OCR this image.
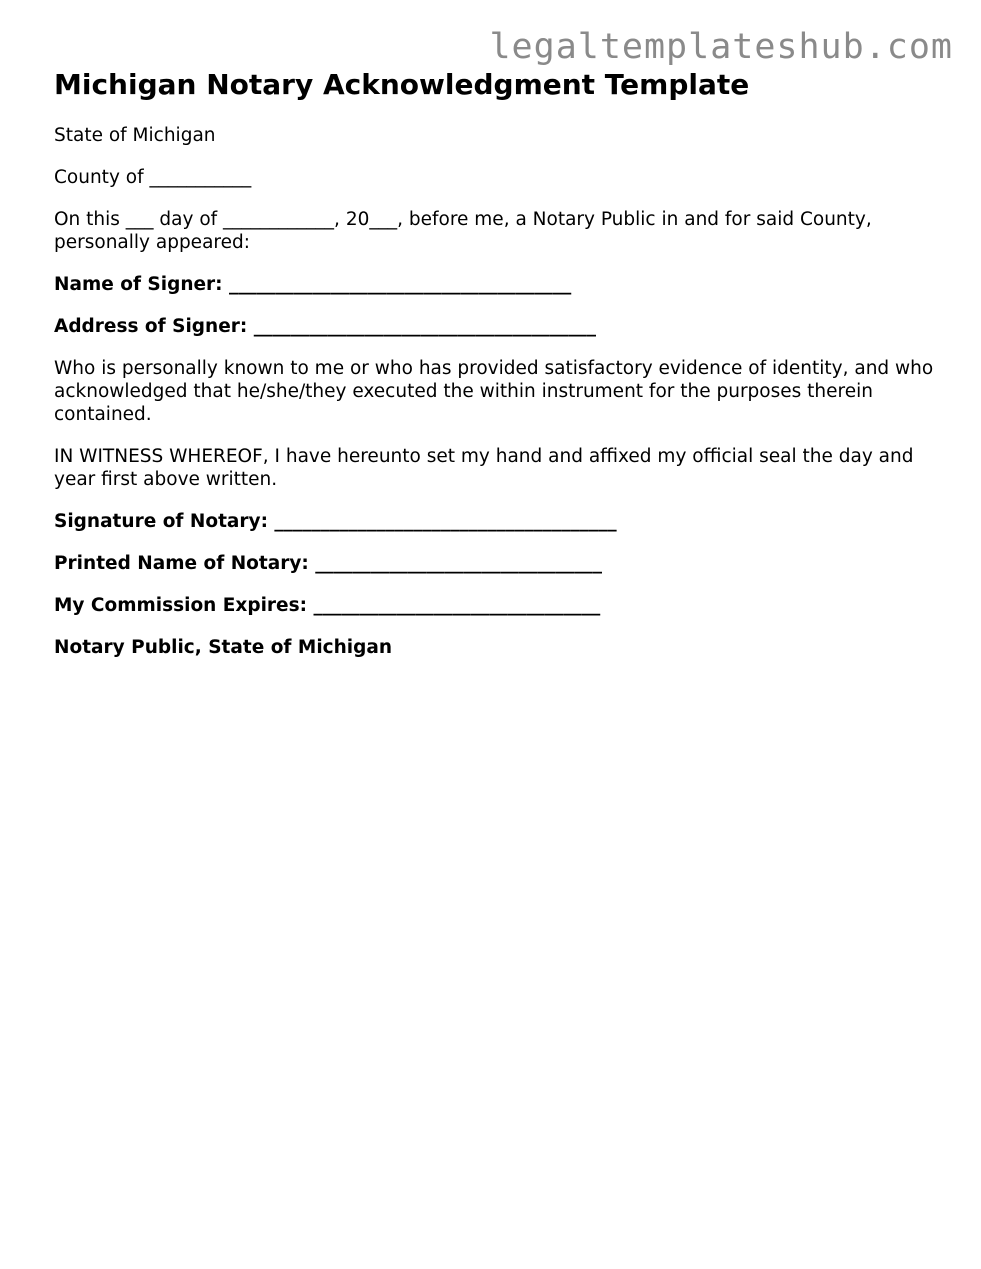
legaltemplateshub.com
Michigan Notary Acknowledgment Template
State of Michigan
County of ___________
On this ___ day of ____________, 20___, before me, a Notary Public in and for said County, personally appeared:
Name of Signer: _____________________________________
Address of Signer: _____________________________________
Who is personally known to me or who has provided satisfactory evidence of identity, and who acknowledged that he/she/they executed the within instrument for the purposes therein contained.
IN WITNESS WHEREOF, I have hereunto set my hand and affixed my official seal the day and year first above written.
Signature of Notary: _____________________________________
Printed Name of Notary: _______________________________
My Commission Expires: _______________________________
Notary Public, State of Michigan
